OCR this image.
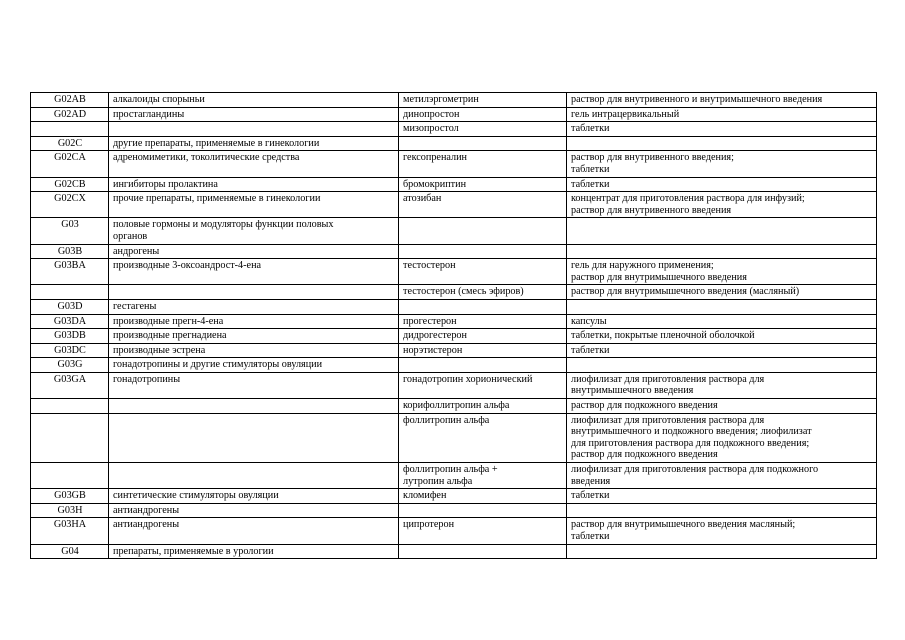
G02AB	алкалоиды спорыньи	метилэргометрин	раствор для внутривенного и внутримышечного введения
G02AD	простагландины	динопростон	гель интрацервикальный
		мизопростол	таблетки
G02C	другие препараты, применяемые в гинекологии		
G02CA	адреномиметики, токолитические средства	гексопреналин	раствор для внутривенного введения;
таблетки

G02CB	ингибиторы пролактина	бромокриптин	таблетки
G02CX	прочие препараты, применяемые в гинекологии	атозибан	концентрат для приготовления раствора для инфузий;
раствор для внутривенного введения

G03	половые гормоны и модуляторы функции половых
органов		

G03B	андрогены		
G03BA	производные 3-оксоандрост-4-ена	тестостерон	гель для наружного применения;
раствор для внутримышечного введения

		тестостерон (смесь эфиров)	раствор для внутримышечного введения (масляный)
G03D	гестагены		
G03DA	производные прегн-4-ена	прогестерон	капсулы
G03DB	производные прегнадиена	дидрогестерон	таблетки, покрытые пленочной оболочкой
G03DC	производные эстрена	норэтистерон	таблетки
G03G	гонадотропины и другие стимуляторы овуляции		
G03GA	гонадотропины	гонадотропин хорионический	лиофилизат для приготовления раствора для
внутримышечного введения

		корифоллитропин альфа	раствор для подкожного введения
		фоллитропин альфа	лиофилизат для приготовления раствора для
внутримышечного и подкожного введения; лиофилизат
для приготовления раствора для подкожного введения;
раствор для подкожного введения

		фоллитропин альфа +
лутропин альфа	лиофилизат для приготовления раствора для подкожного
введения

G03GB	синтетические стимуляторы овуляции	кломифен	таблетки
G03H	антиандрогены		
G03HA	антиандрогены	ципротерон	раствор для внутримышечного введения масляный;
таблетки

G04	препараты, применяемые в урологии		
